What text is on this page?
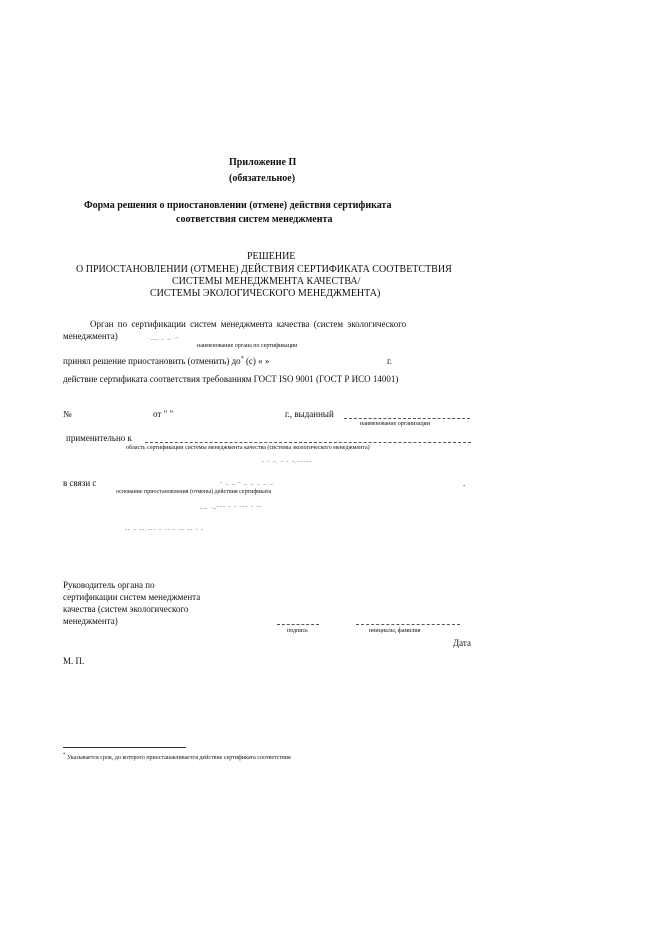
Приложение П
(обязательное)
Форма решения о приостановлении (отмене) действия сертификата
соответствия систем менеджмента
РЕШЕНИЕ
О ПРИОСТАНОВЛЕНИИ (ОТМЕНЕ) ДЕЙСТВИЯ СЕРТИФИКАТА СООТВЕТСТВИЯ
СИСТЕМЫ МЕНЕДЖМЕНТА КАЧЕСТВА/
СИСТЕМЫ ЭКОЛОГИЧЕСКОГО МЕНЕДЖМЕНТА)
Орган по сертификации систем менеджмента качества (систем экологического
менеджмента)	.__ _ _ .-
наименование органа по сертификации
принял решение приостановить (отменить) до* (с) « »	г.
действие сертификата соответствия требованиям ГОСТ ISO 9001 (ГОСТ Р ИСО 14001)
№	от " "	г., выданный
наименование организации
применительно к
область сертификации системы менеджмента качества (системы экологического менеджмента)
- - -. - - -.-----
в связи с	- _ _ - _ _ _ _ _	.
основание приостановления (отмены) действия сертификата
__ ._--- - - --- - --
-- - --.--- - -- - -- -- - -
Руководитель органа по
сертификации систем менеджмента
качества (систем экологического
менеджмента)
подпись	инициалы, фамилия
Дата
М. П.
* Указывается срок, до которого приостанавливается действие сертификата соответствия
